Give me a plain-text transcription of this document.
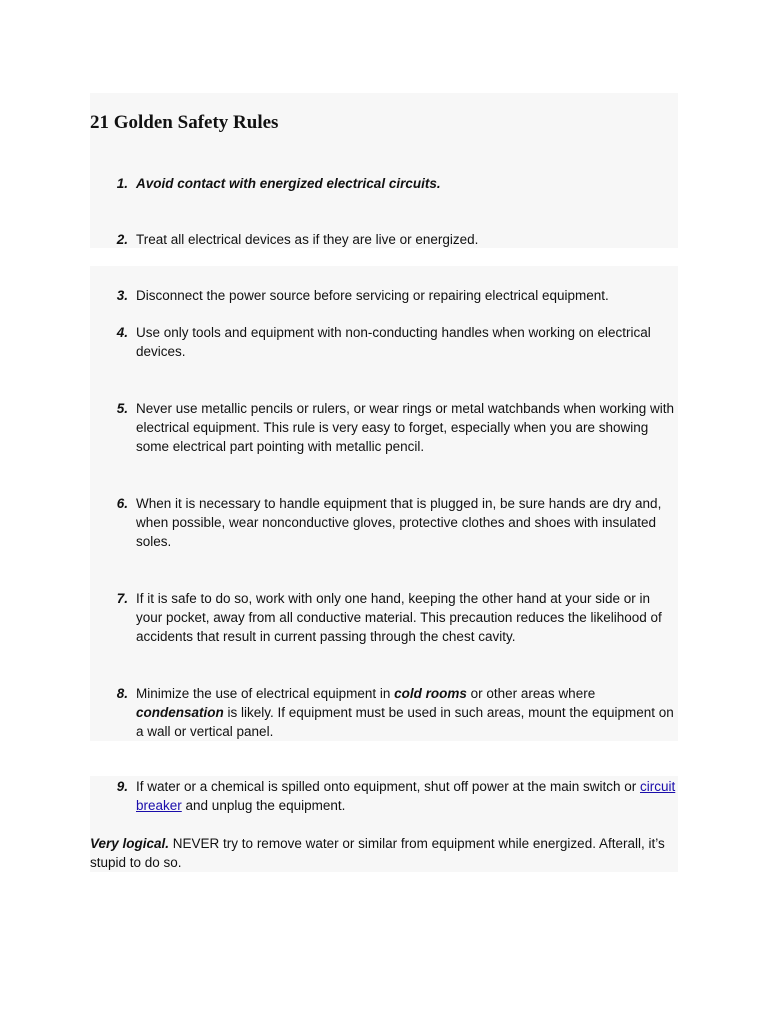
21 Golden Safety Rules
1. Avoid contact with energized electrical circuits.
2. Treat all electrical devices as if they are live or energized.
3. Disconnect the power source before servicing or repairing electrical equipment.
4. Use only tools and equipment with non-conducting handles when working on electrical devices.
5. Never use metallic pencils or rulers, or wear rings or metal watchbands when working with electrical equipment. This rule is very easy to forget, especially when you are showing some electrical part pointing with metallic pencil.
6. When it is necessary to handle equipment that is plugged in, be sure hands are dry and, when possible, wear nonconductive gloves, protective clothes and shoes with insulated soles.
7. If it is safe to do so, work with only one hand, keeping the other hand at your side or in your pocket, away from all conductive material. This precaution reduces the likelihood of accidents that result in current passing through the chest cavity.
8. Minimize the use of electrical equipment in cold rooms or other areas where condensation is likely. If equipment must be used in such areas, mount the equipment on a wall or vertical panel.
9. If water or a chemical is spilled onto equipment, shut off power at the main switch or circuit breaker and unplug the equipment.
Very logical. NEVER try to remove water or similar from equipment while energized. Afterall, it’s stupid to do so.
